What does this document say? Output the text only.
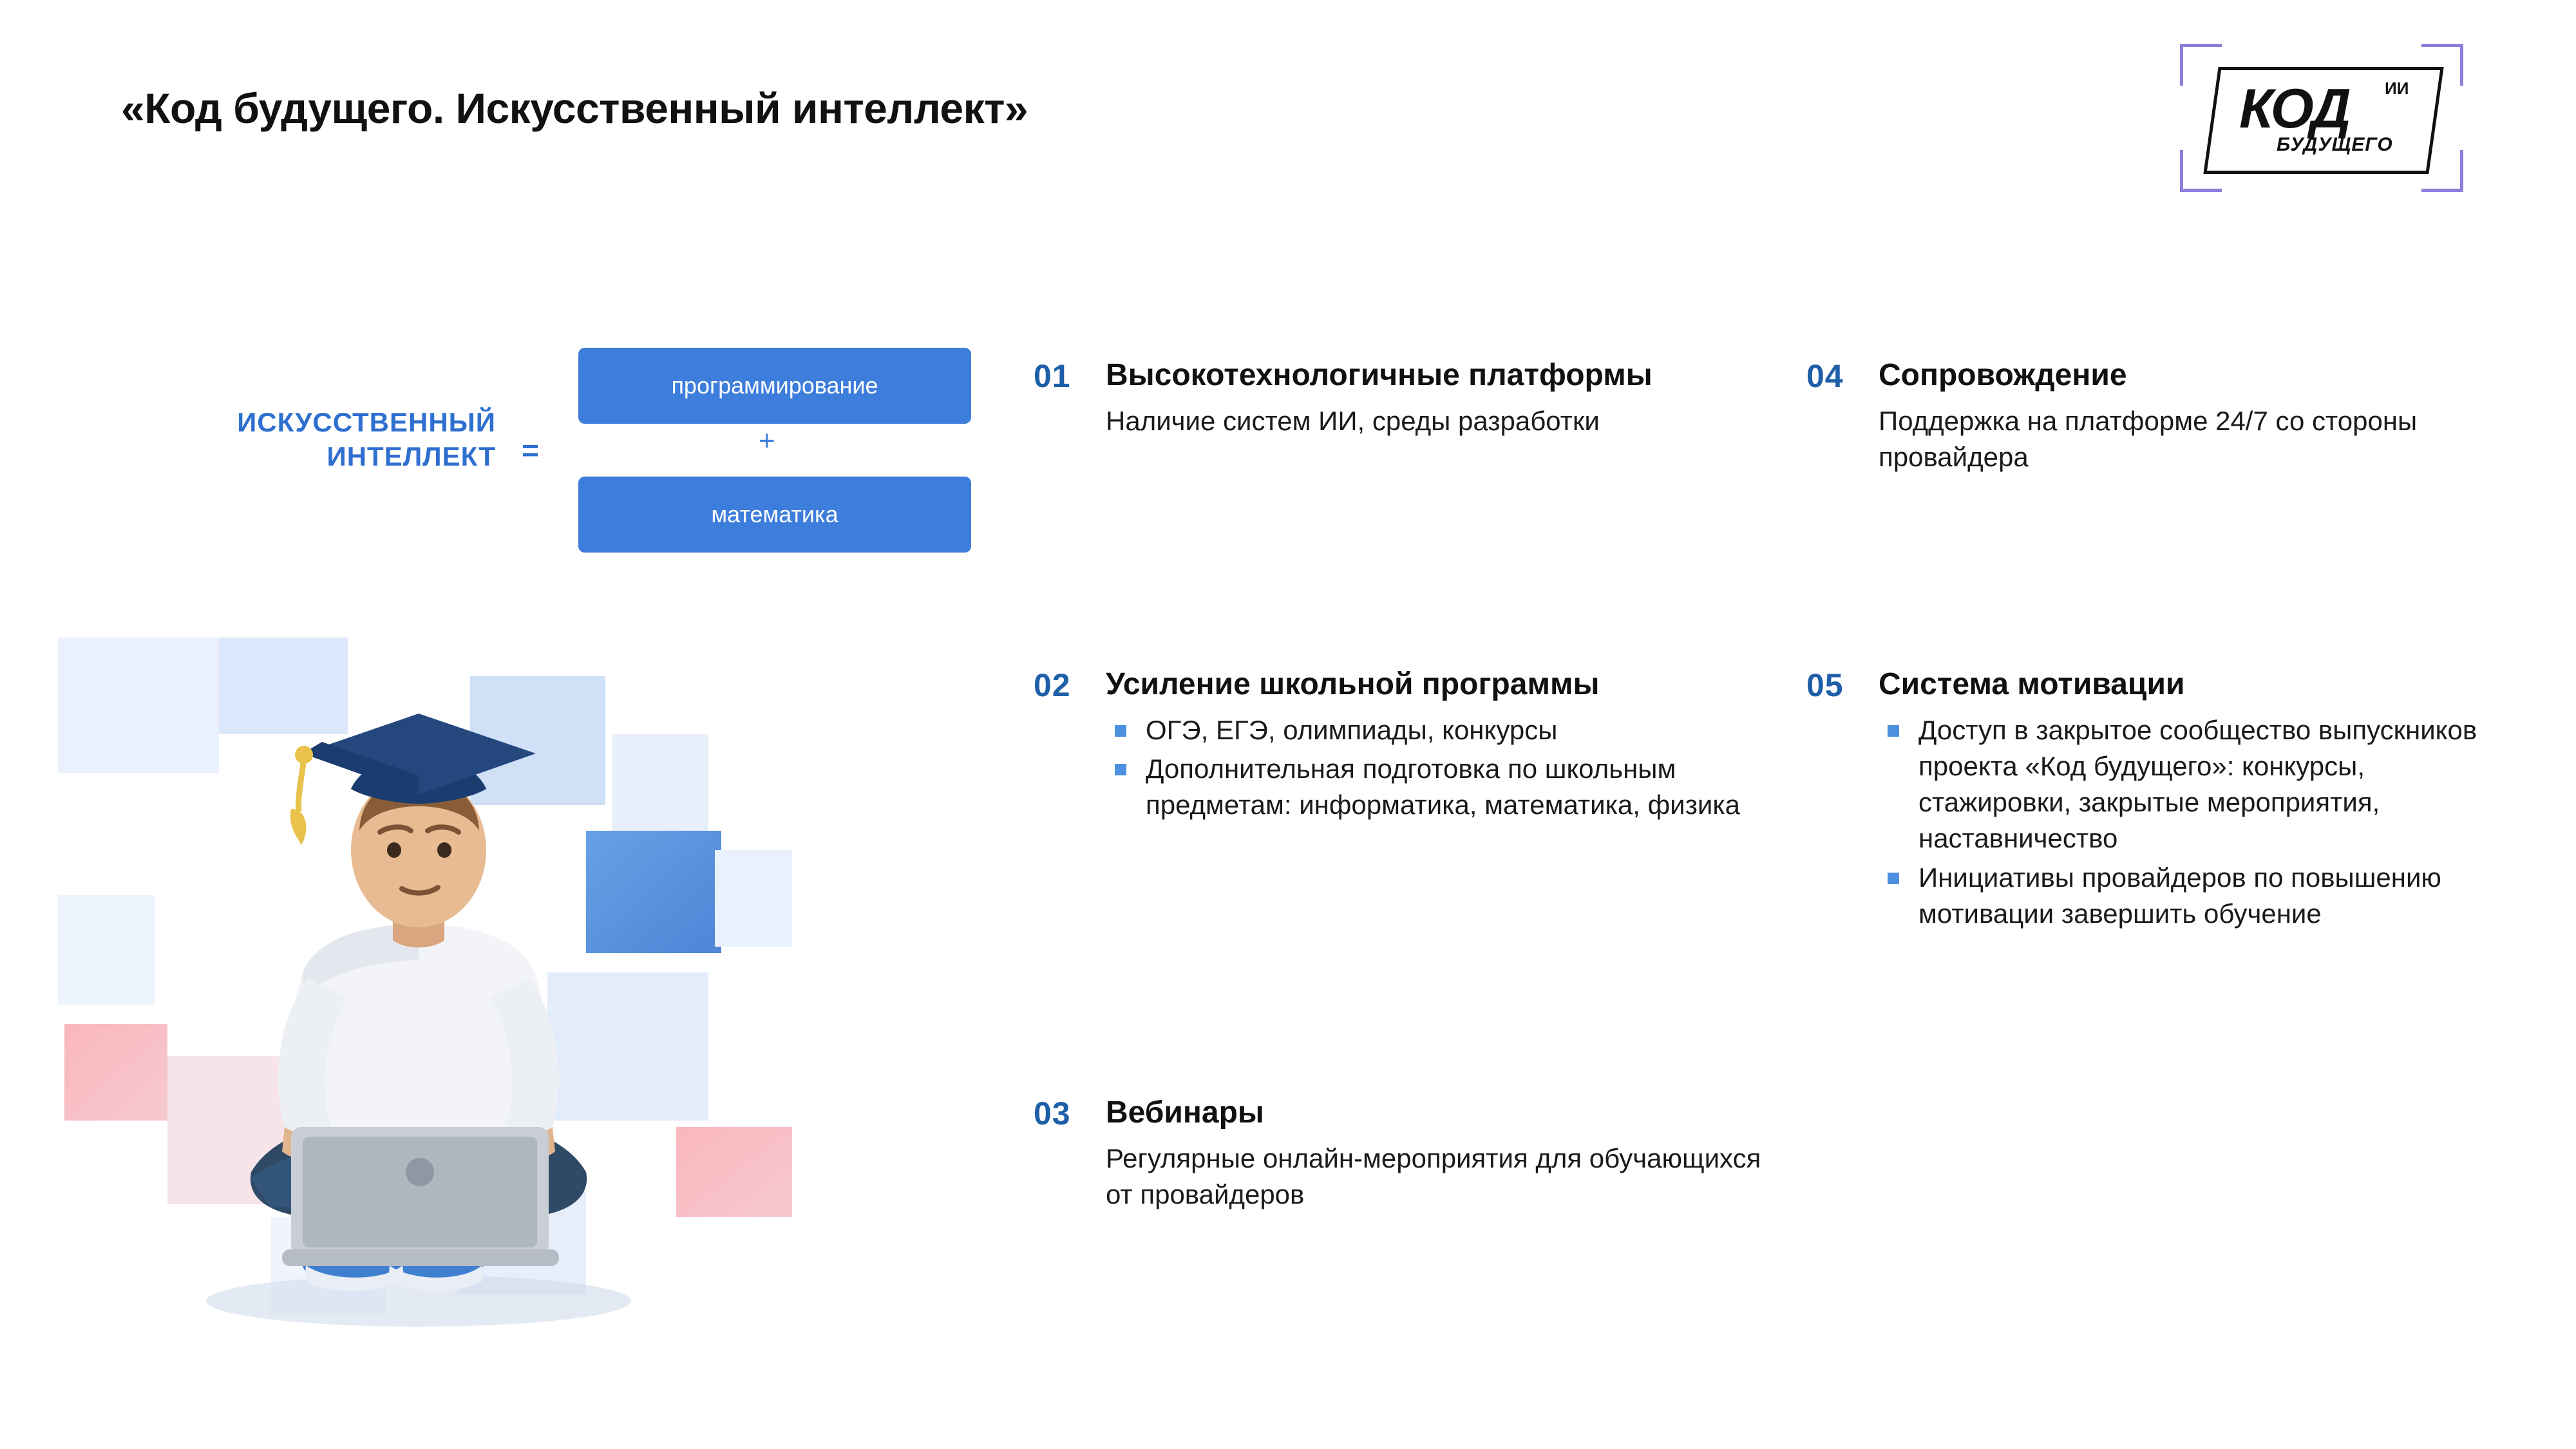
«Код будущего. Искусственный интеллект»	КОД ИИ
БУДУЩЕГО
ИСКУССТВЕННЫЙ ИНТЕЛЛЕКТ =
программирование
+
математика
01 Высокотехнологичные платформы
Наличие систем ИИ, среды разработки
02 Усиление школьной программы
ОГЭ, ЕГЭ, олимпиады, конкурсы
Дополнительная подготовка по школьным предметам: информатика, математика, физика
03 Вебинары
Регулярные онлайн-мероприятия для обучающихся от провайдеров
04 Сопровождение
Поддержка на платформе 24/7 со стороны провайдера
05 Система мотивации
Доступ в закрытое сообщество выпускников проекта «Код будущего»: конкурсы, стажировки, закрытые мероприятия, наставничество
Инициативы провайдеров по повышению мотивации завершить обучение
